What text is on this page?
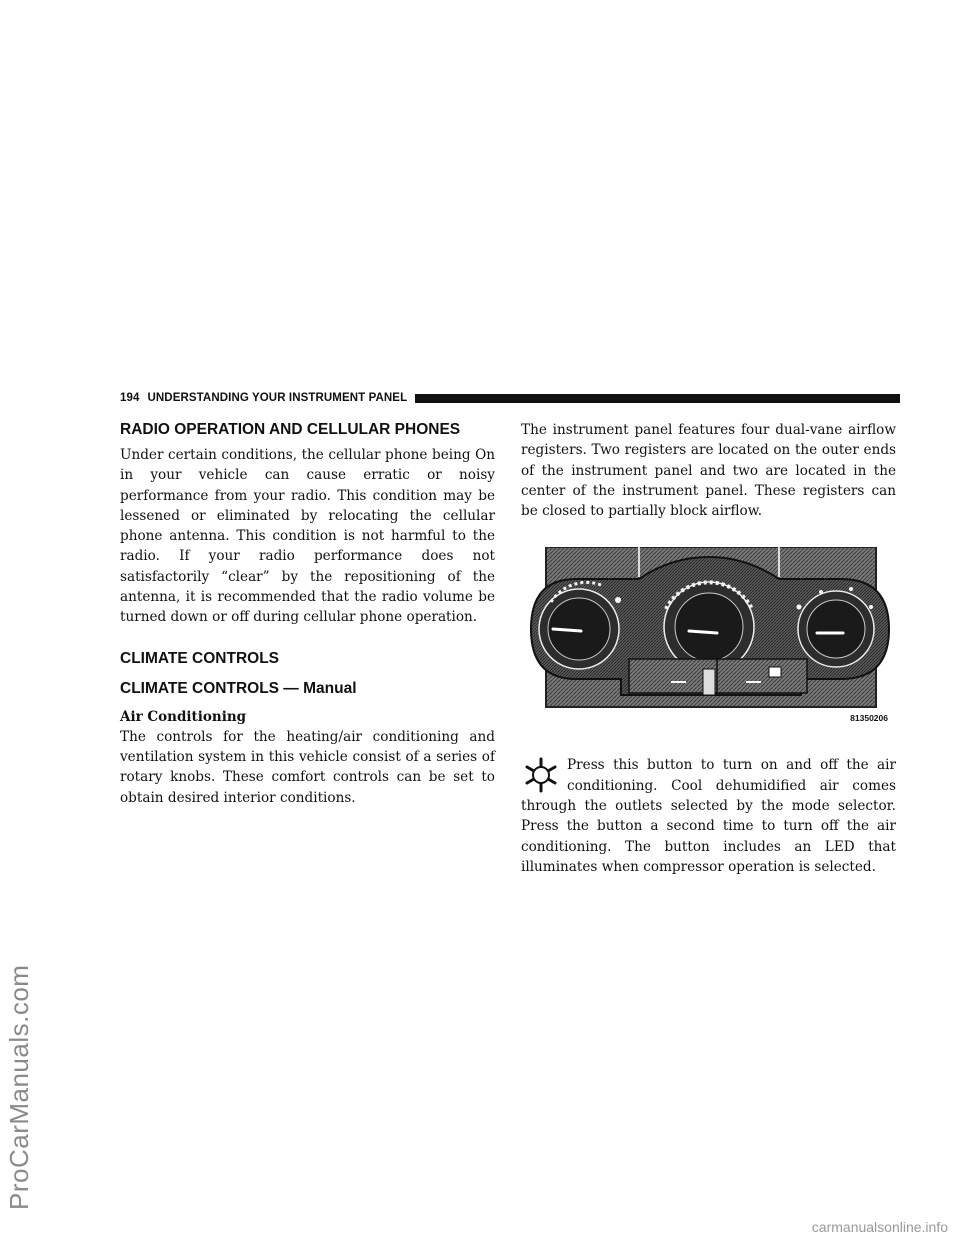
194 UNDERSTANDING YOUR INSTRUMENT PANEL
RADIO OPERATION AND CELLULAR PHONES

Under certain conditions, the cellular phone being On in your vehicle can cause erratic or noisy performance from your radio. This condition may be lessened or eliminated by relocating the cellular phone antenna. This condition is not harmful to the radio. If your radio performance does not satisfactorily “clear” by the repositioning of the antenna, it is recommended that the radio volume be turned down or off during cellular phone operation.

CLIMATE CONTROLS
CLIMATE CONTROLS — Manual
Air Conditioning

The controls for the heating/air conditioning and ventilation system in this vehicle consist of a series of rotary knobs. These comfort controls can be set to obtain desired interior conditions.

The instrument panel features four dual-vane airflow registers. Two registers are located on the outer ends of the instrument panel and two are located in the center of the instrument panel. These registers can be closed to partially block airflow.

81350206

Press this button to turn on and off the air conditioning. Cool dehumidified air comes through the outlets selected by the mode selector. Press the button a second time to turn off the air conditioning. The button includes an LED that illuminates when compressor operation is selected.

ProCarManuals.com
carmanualsonline.info
